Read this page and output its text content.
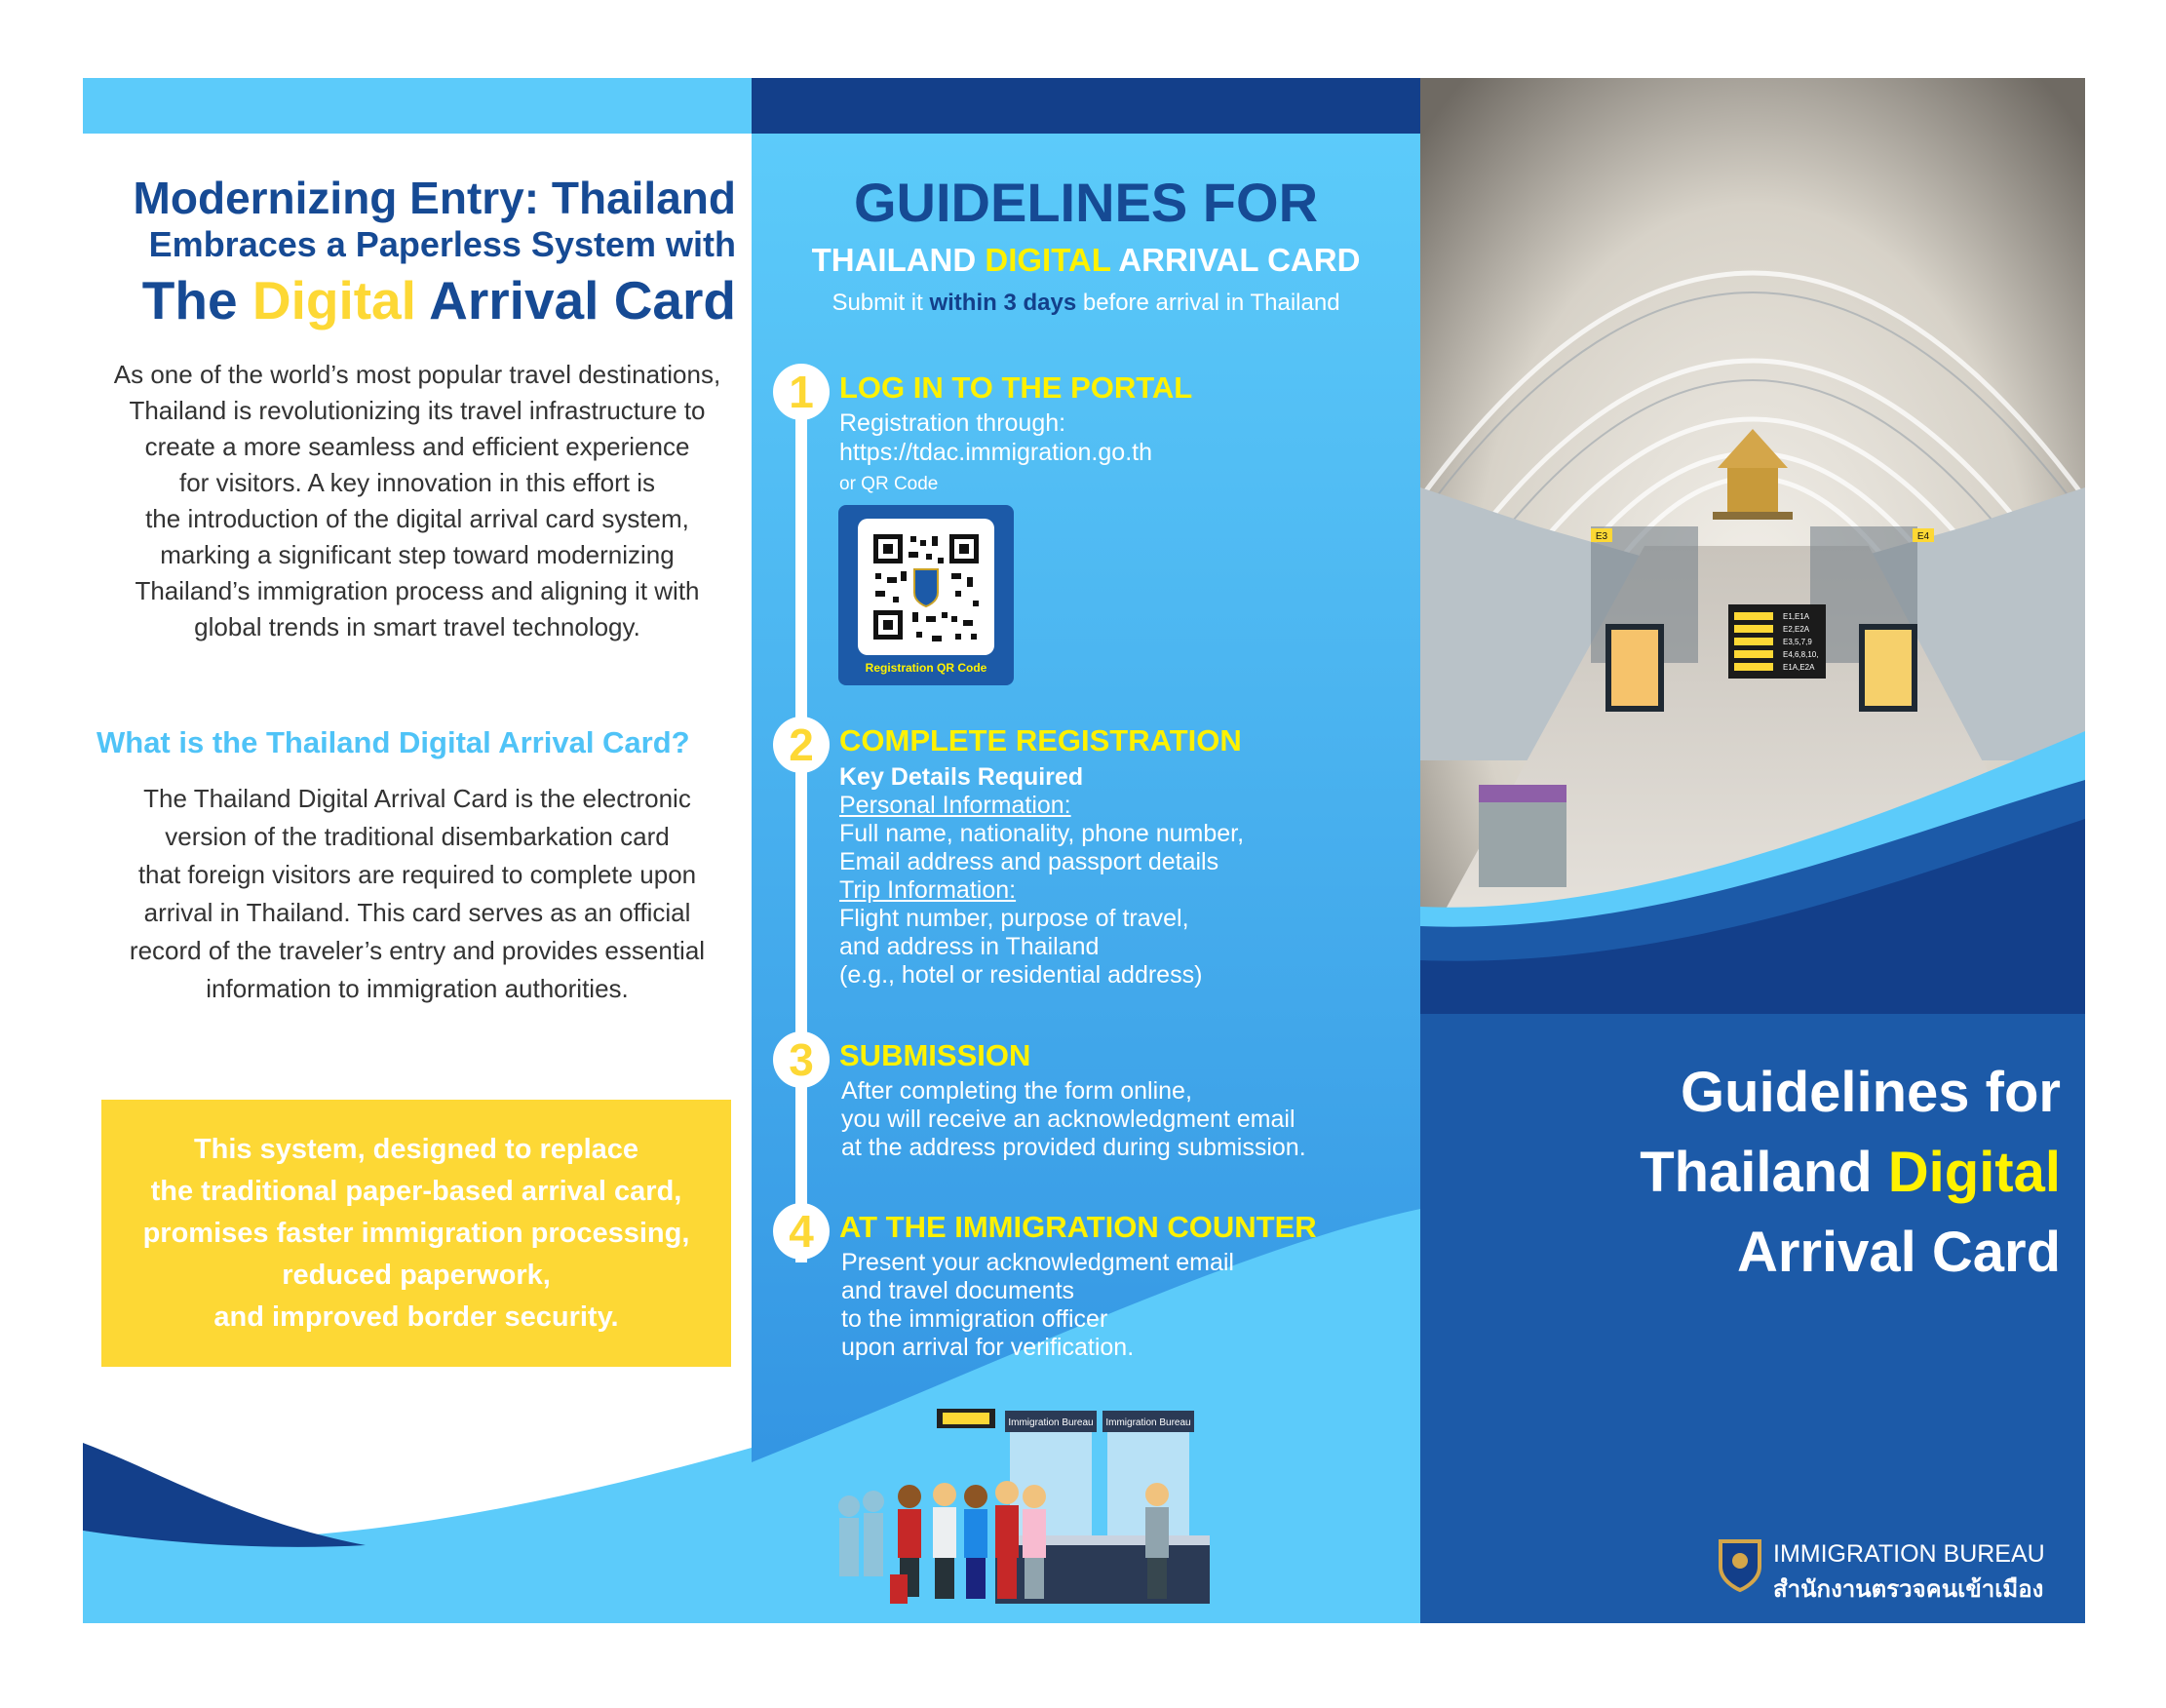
Modernizing Entry: Thailand
Embraces a Paperless System with
The Digital Arrival Card
As one of the world’s most popular travel destinations,
Thailand is revolutionizing its travel infrastructure to
create a more seamless and efficient experience
for visitors. A key innovation in this effort is
the introduction of the digital arrival card system,
marking a significant step toward modernizing
Thailand’s immigration process and aligning it with
global trends in smart travel technology.
What is the Thailand Digital Arrival Card?
The Thailand Digital Arrival Card is the electronic
version of the traditional disembarkation card
that foreign visitors are required to complete upon
arrival in Thailand. This card serves as an official
record of the traveler’s entry and provides essential
information to immigration authorities.
This system, designed to replace
the traditional paper-based arrival card,
promises faster immigration processing,
reduced paperwork,
and improved border security.
GUIDELINES FOR
THAILAND DIGITAL ARRIVAL CARD
Submit it within 3 days before arrival in Thailand
1 LOG IN TO THE PORTAL
Registration through:
https://tdac.immigration.go.th
or QR Code
Registration QR Code
2 COMPLETE REGISTRATION
Key Details Required
Personal Information:
Full name, nationality, phone number,
Email address and passport details
Trip Information:
Flight number, purpose of travel,
and address in Thailand
(e.g., hotel or residential address)
3 SUBMISSION
After completing the form online,
you will receive an acknowledgment email
at the address provided during submission.
4 AT THE IMMIGRATION COUNTER
Present your acknowledgment email
and travel documents
to the immigration officer
upon arrival for verification.
Immigration Bureau Immigration Bureau
E1,E1A
E2,E2A
E3,5,7,9
E4,6,8,10,
E1A,E2A
E3	E4
Guidelines for
Thailand Digital
Arrival Card
IMMIGRATION BUREAU
สำนักงานตรวจคนเข้าเมือง
